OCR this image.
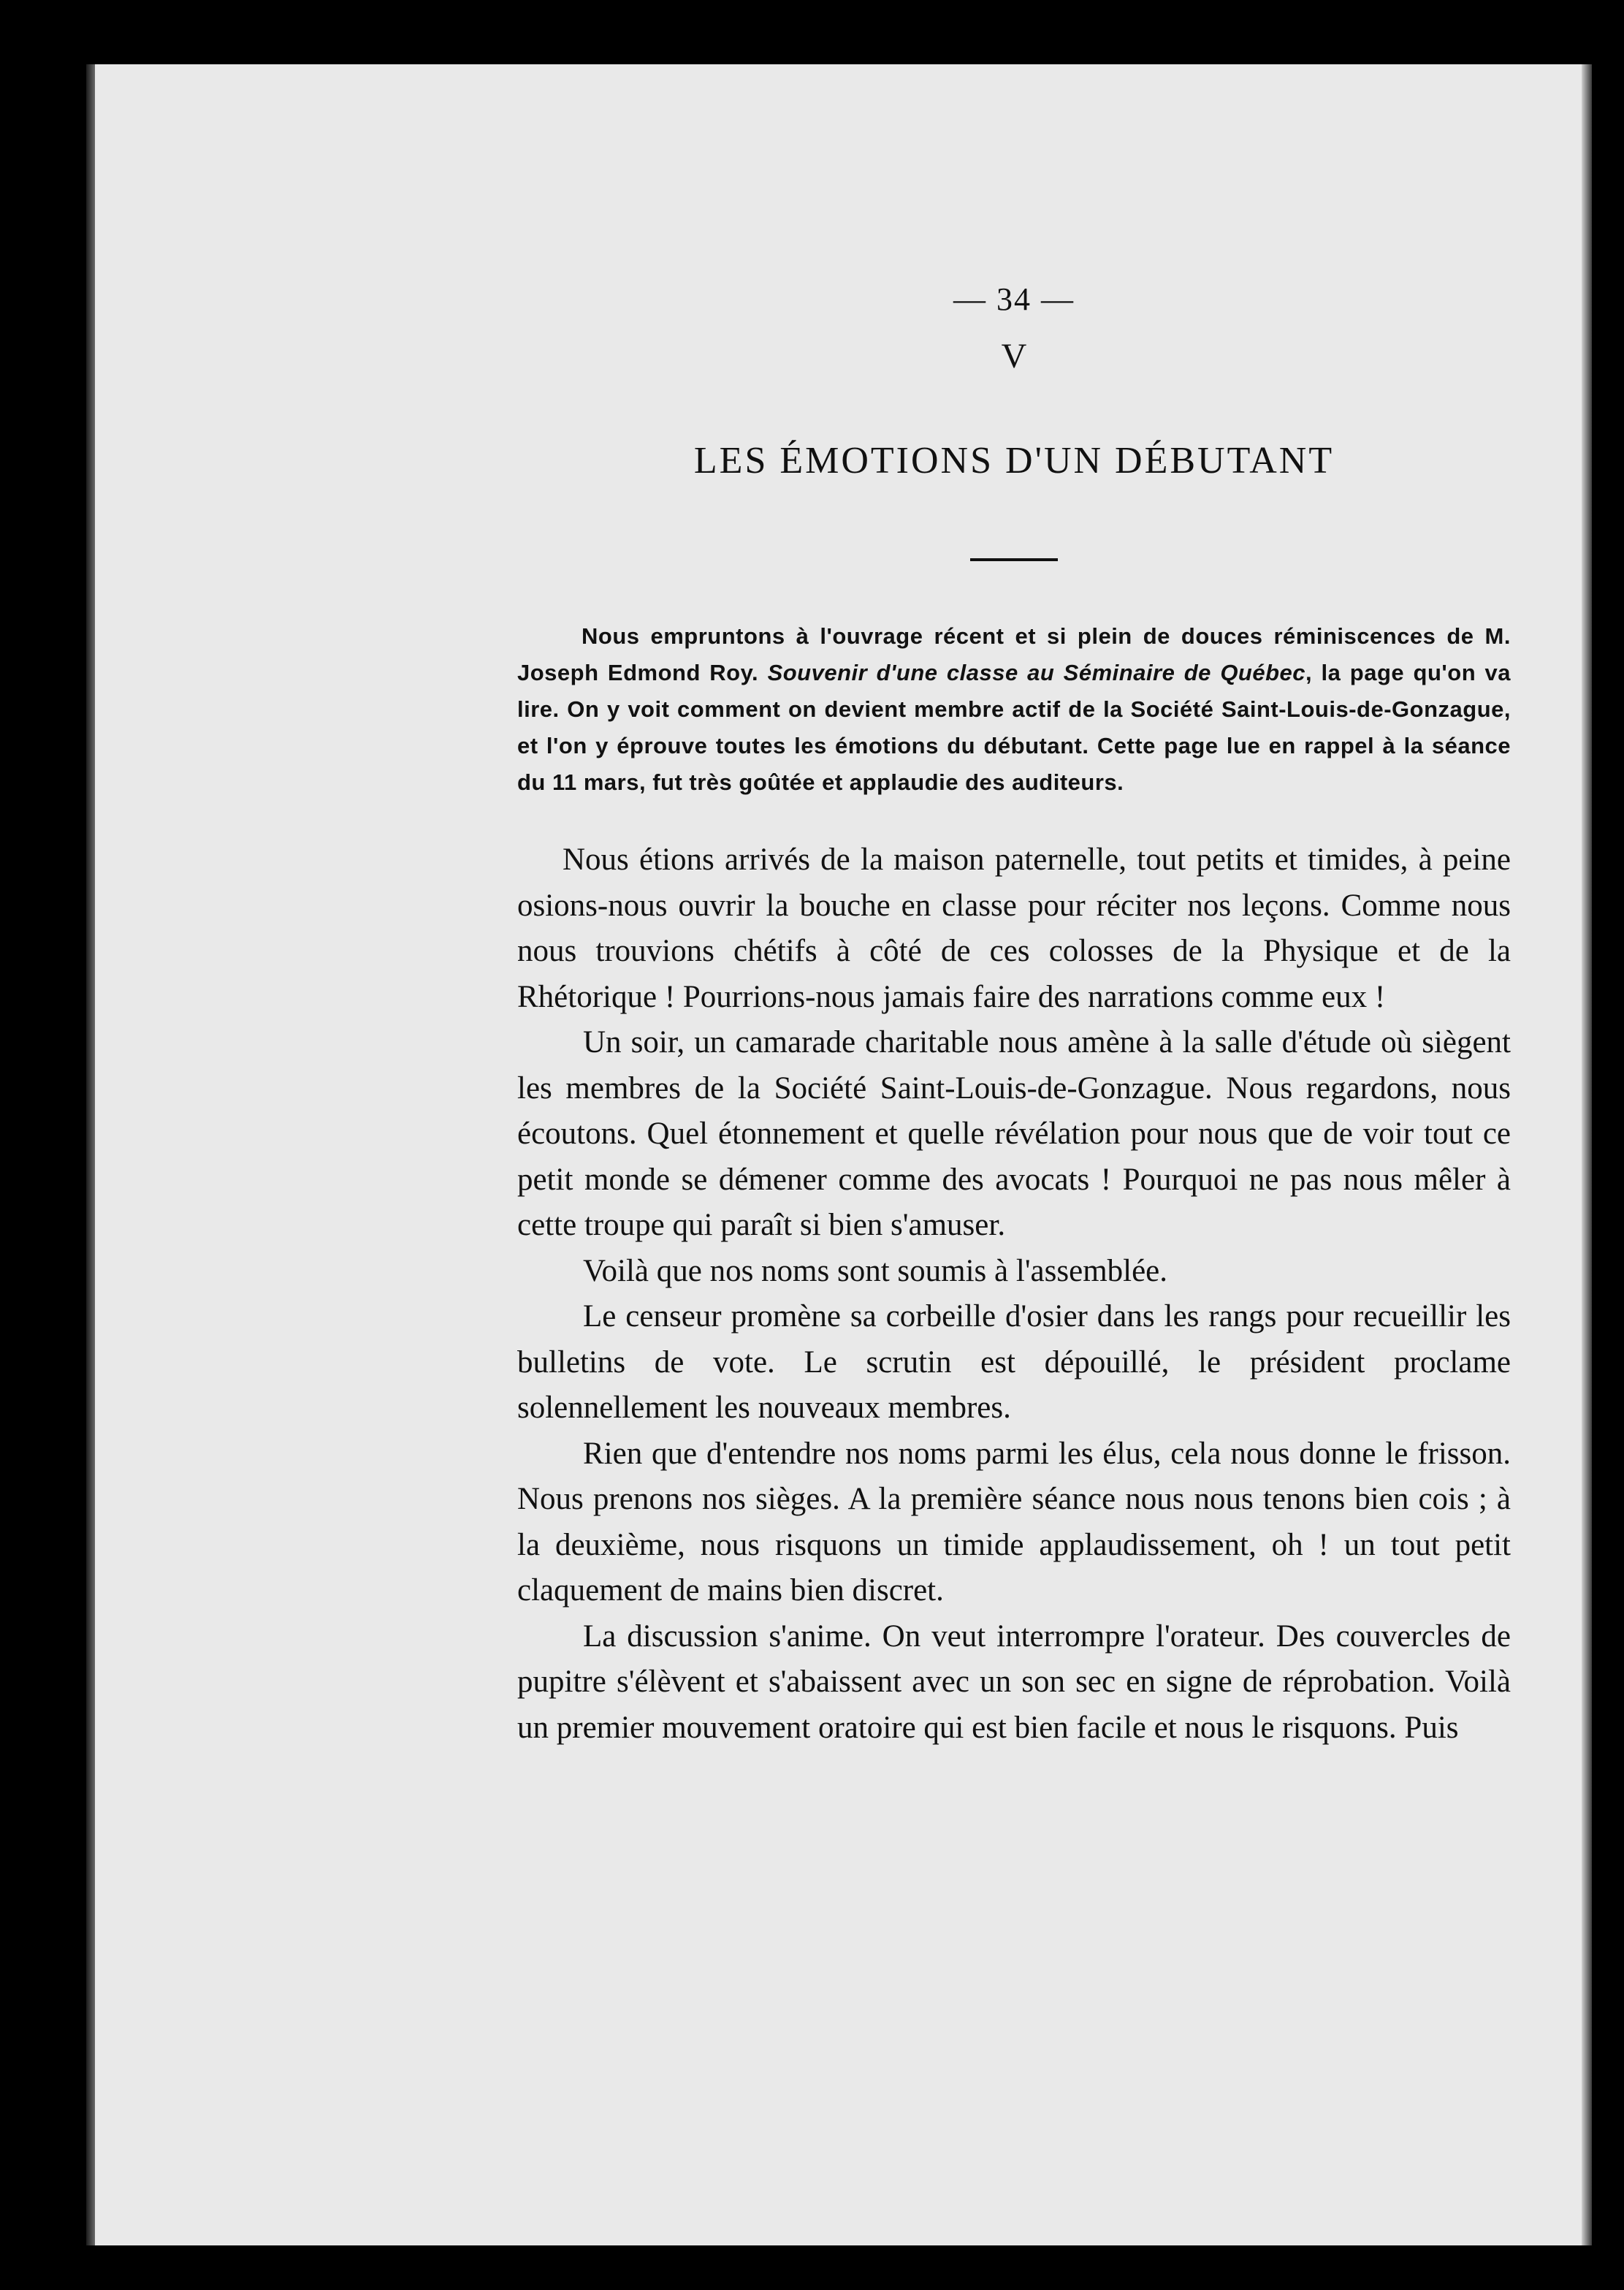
— 34 —
V
LES ÉMOTIONS D'UN DÉBUTANT

Nous empruntons à l'ouvrage récent et si plein de douces réminiscences de M. Joseph Edmond Roy. Souvenir d'une classe au Séminaire de Québec, la page qu'on va lire. On y voit comment on devient membre actif de la Société Saint-Louis-de-Gonzague, et l'on y éprouve toutes les émotions du débutant. Cette page lue en rappel à la séance du 11 mars, fut très goûtée et applaudie des auditeurs.

Nous étions arrivés de la maison paternelle, tout petits et timides, à peine osions-nous ouvrir la bouche en classe pour réciter nos leçons. Comme nous nous trouvions chétifs à côté de ces colosses de la Physique et de la Rhétorique ! Pourrions-nous jamais faire des narrations comme eux !

Un soir, un camarade charitable nous amène à la salle d'étude où siègent les membres de la Société Saint-Louis-de-Gonzague. Nous regardons, nous écoutons. Quel étonnement et quelle révélation pour nous que de voir tout ce petit monde se démener comme des avocats ! Pourquoi ne pas nous mêler à cette troupe qui paraît si bien s'amuser.

Voilà que nos noms sont soumis à l'assemblée.

Le censeur promène sa corbeille d'osier dans les rangs pour recueillir les bulletins de vote. Le scrutin est dépouillé, le président proclame solennellement les nouveaux membres.

Rien que d'entendre nos noms parmi les élus, cela nous donne le frisson. Nous prenons nos sièges. A la première séance nous nous tenons bien cois ; à la deuxième, nous risquons un timide applaudissement, oh ! un tout petit claquement de mains bien discret.

La discussion s'anime. On veut interrompre l'orateur. Des couvercles de pupitre s'élèvent et s'abaissent avec un son sec en signe de réprobation. Voilà un premier mouvement oratoire qui est bien facile et nous le risquons. Puis
